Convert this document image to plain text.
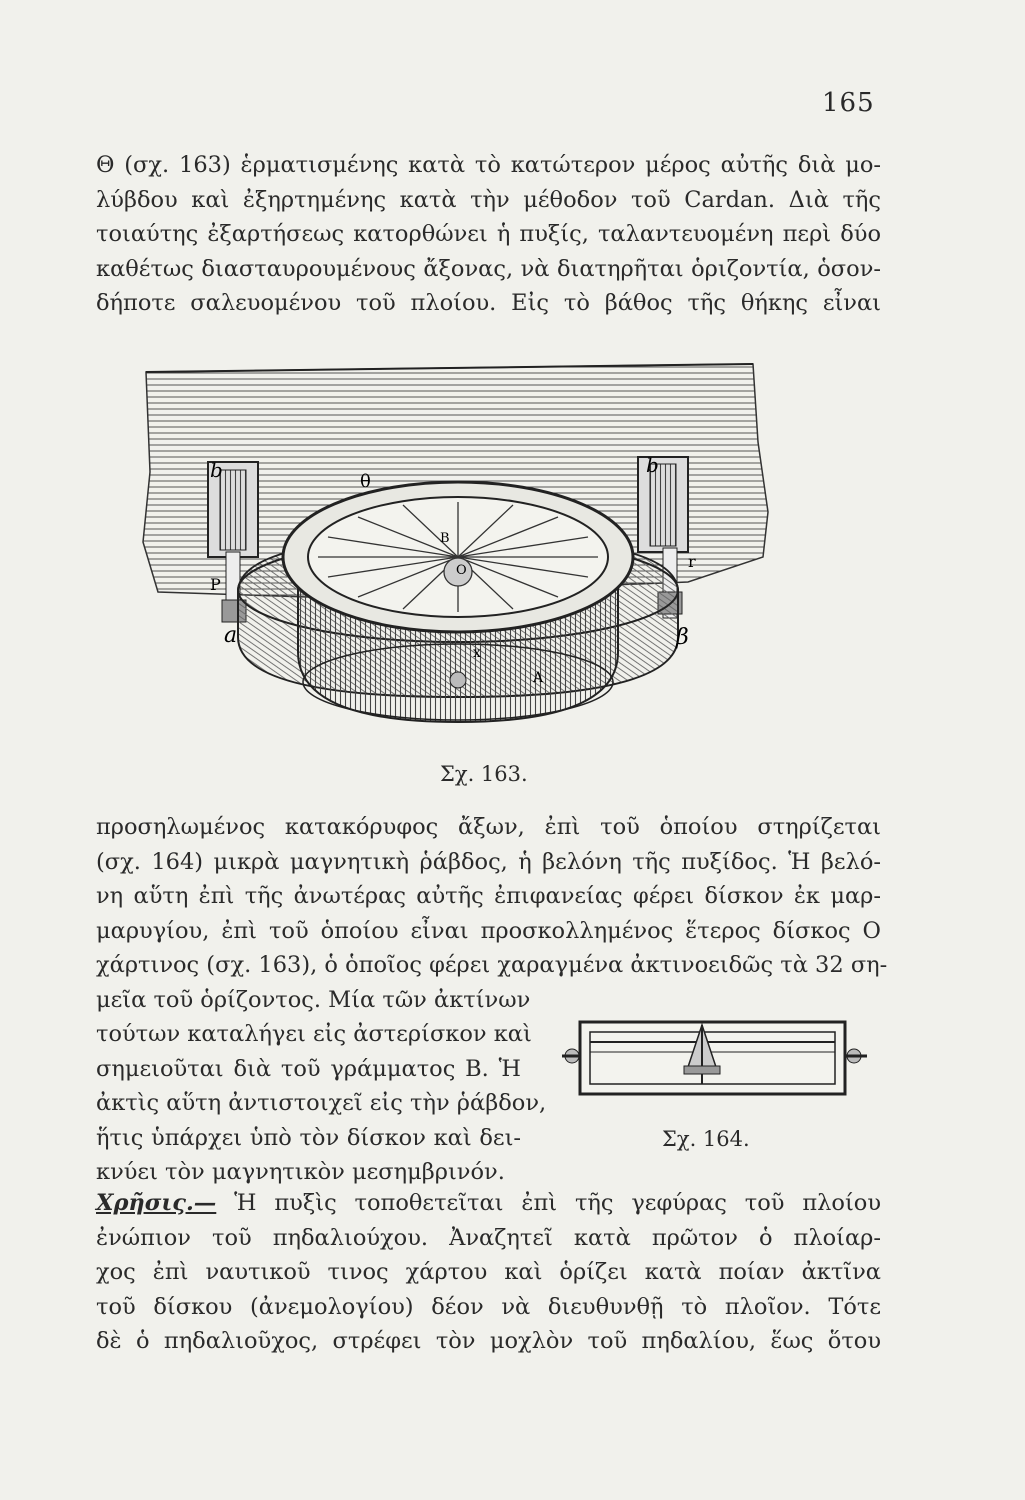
165
Θ (σχ. 163) ἑρματισμένης κατὰ τὸ κατώτερον μέρος αὐτῆς διὰ μο-
λύβδου καὶ ἐξηρτημένης κατὰ τὴν μέθοδον τοῦ Cardan. Διὰ τῆς
τοιαύτης ἐξαρτήσεως κατορθώνει ἡ πυξίς, ταλαντευομένη περὶ δύο
καθέτως διασταυρουμένους ἄξονας, νὰ διατηρῆται ὁριζοντία, ὁσον-
δήποτε σαλευομένου τοῦ πλοίου. Εἰς τὸ βάθος τῆς θήκης εἶναι
b	θ
b
B
O
P
r
a	β
x
A
Σχ. 163.
προσηλωμένος κατακόρυφος ἄξων, ἐπὶ τοῦ ὁποίου στηρίζεται
(σχ. 164) μικρὰ μαγνητικὴ ῥάβδος, ἡ βελόνη τῆς πυξίδος. Ἡ βελό-
νη αὕτη ἐπὶ τῆς ἀνωτέρας αὐτῆς ἐπιφανείας φέρει δίσκον ἐκ μαρ-
μαρυγίου, ἐπὶ τοῦ ὁποίου εἶναι προσκολλημένος ἕτερος δίσκος Ο
χάρτινος (σχ. 163), ὁ ὁποῖος φέρει χαραγμένα ἀκτινοειδῶς τὰ 32 ση-
μεῖα τοῦ ὁρίζοντος. Μία τῶν ἀκτίνων
τούτων καταλήγει εἰς ἀστερίσκον καὶ
σημειοῦται διὰ τοῦ γράμματος Β. Ἡ
ἀκτὶς αὕτη ἀντιστοιχεῖ εἰς τὴν ῥάβδον,
ἥτις ὑπάρχει ὑπὸ τὸν δίσκον καὶ δει-
κνύει τὸν μαγνητικὸν μεσημβρινόν.
Σχ. 164.
Χρῆσις.— Ἡ πυξὶς τοποθετεῖται ἐπὶ τῆς γεφύρας τοῦ πλοίου
ἐνώπιον τοῦ πηδαλιούχου. Ἀναζητεῖ κατὰ πρῶτον ὁ πλοίαρ-
χος ἐπὶ ναυτικοῦ τινος χάρτου καὶ ὁρίζει κατὰ ποίαν ἀκτῖνα
τοῦ δίσκου (ἀνεμολογίου) δέον νὰ διευθυνθῇ τὸ πλοῖον. Τότε
δὲ ὁ πηδαλιοῦχος, στρέφει τὸν μοχλὸν τοῦ πηδαλίου, ἕως ὅτου
